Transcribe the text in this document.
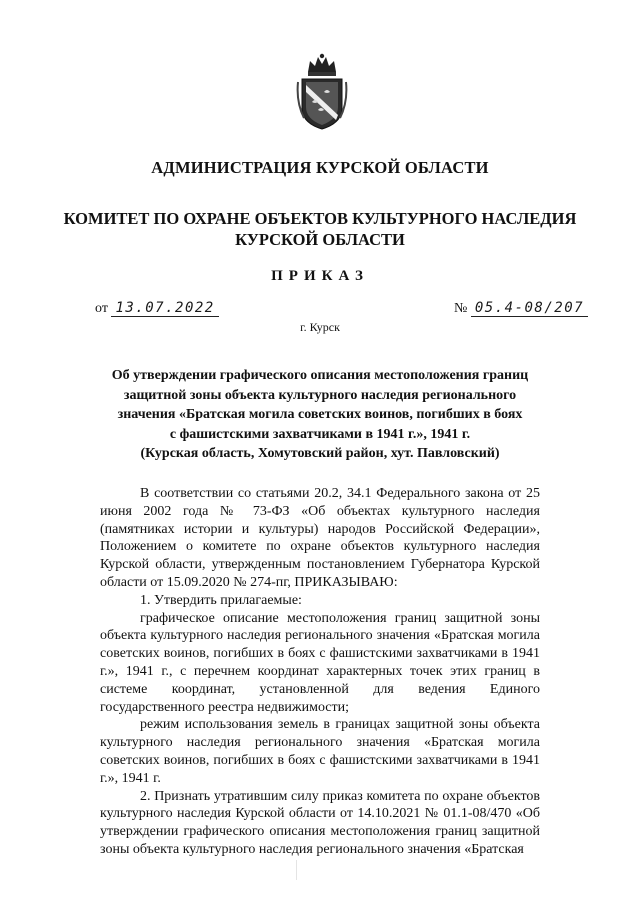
АДМИНИСТРАЦИЯ КУРСКОЙ ОБЛАСТИ
КОМИТЕТ ПО ОХРАНЕ ОБЪЕКТОВ КУЛЬТУРНОГО НАСЛЕДИЯ
КУРСКОЙ ОБЛАСТИ
ПРИКАЗ
от 13.07.2022	№ 05.4-08/207
г. Курск
Об утверждении графического описания местоположения границ
защитной зоны объекта культурного наследия регионального
значения «Братская могила советских воинов, погибших в боях
с фашистскими захватчиками в 1941 г.», 1941 г.
(Курская область, Хомутовский район, хут. Павловский)

В соответствии со статьями 20.2, 34.1 Федерального закона от 25 июня 2002 года № 73-ФЗ «Об объектах культурного наследия (памятниках истории и культуры) народов Российской Федерации», Положением о комитете по охране объектов культурного наследия Курской области, утвержденным постановлением Губернатора Курской области от 15.09.2020 № 274-пг, ПРИКАЗЫВАЮ:

1. Утвердить прилагаемые:

графическое описание местоположения границ защитной зоны объекта культурного наследия регионального значения «Братская могила советских воинов, погибших в боях с фашистскими захватчиками в 1941 г.», 1941 г., с перечнем координат характерных точек этих границ в системе координат, установленной для ведения Единого государственного реестра недвижимости;

режим использования земель в границах защитной зоны объекта культурного наследия регионального значения «Братская могила советских воинов, погибших в боях с фашистскими захватчиками в 1941 г.», 1941 г.

2. Признать утратившим силу приказ комитета по охране объектов культурного наследия Курской области от 14.10.2021 № 01.1-08/470 «Об утверждении графического описания местоположения границ защитной зоны объекта культурного наследия регионального значения «Братская
